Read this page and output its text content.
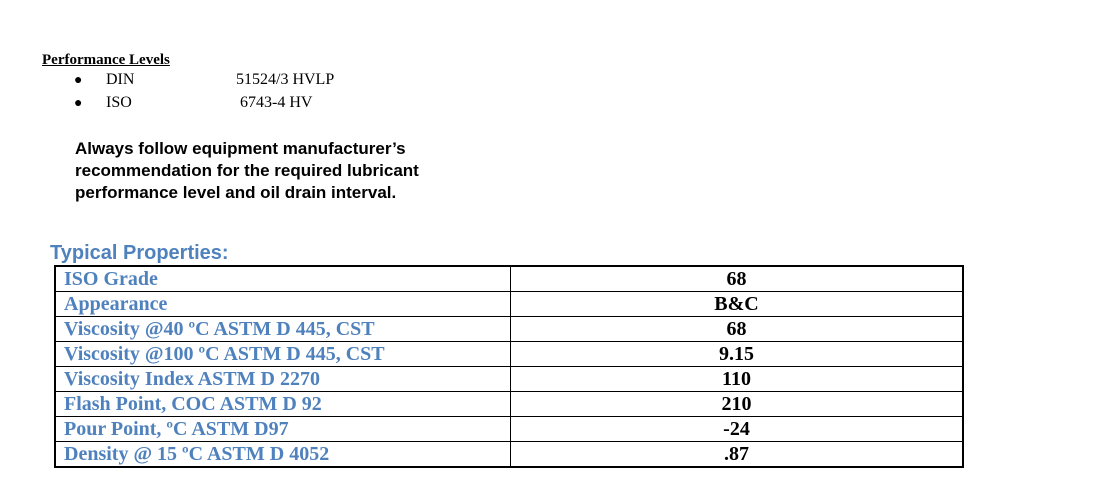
Performance Levels
● DIN	51524/3 HVLP
● ISO	6743-4 HV
Always follow equipment manufacturer’s
recommendation for the required lubricant
performance level and oil drain interval.
Typical Properties:
ISO Grade	68
Appearance	B&C
Viscosity @40 ºC ASTM D 445, CST	68
Viscosity @100 ºC ASTM D 445, CST	9.15
Viscosity Index ASTM D 2270	110
Flash Point, COC ASTM D 92	210
Pour Point, ºC ASTM D97	-24
Density @ 15 ºC ASTM D 4052	.87
